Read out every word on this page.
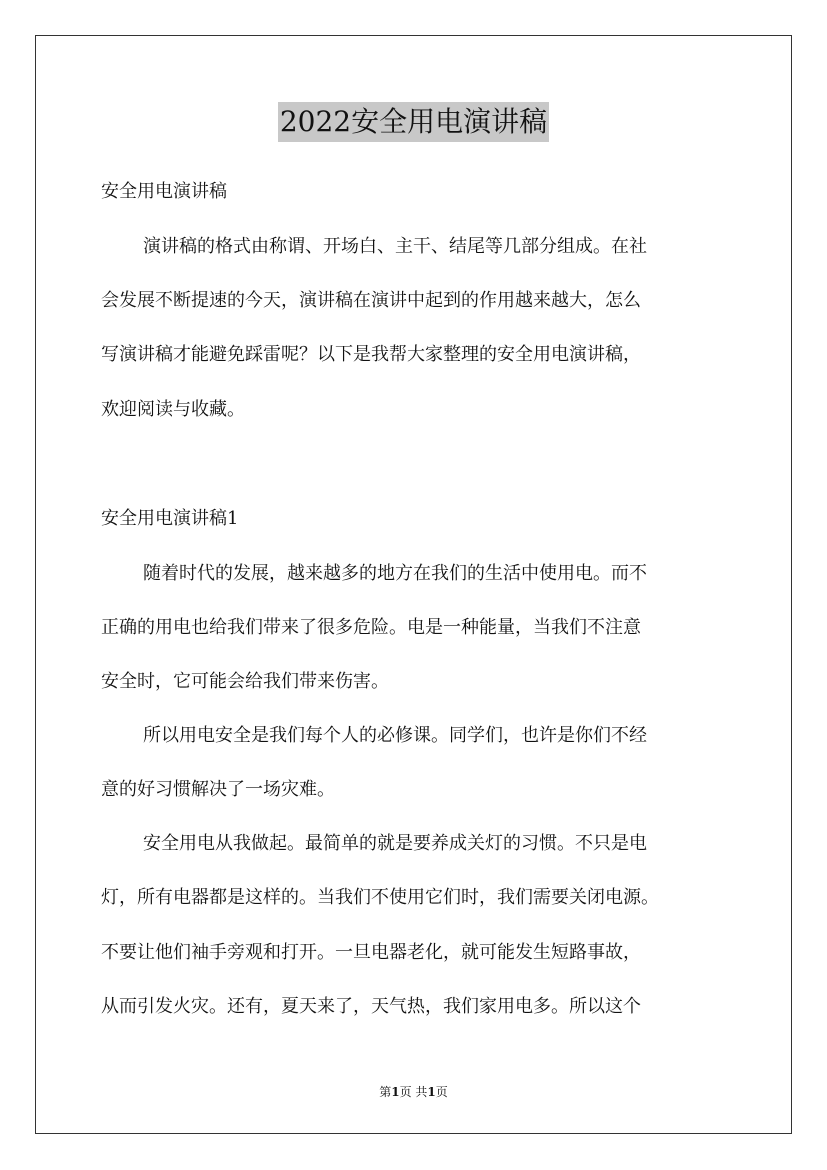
2022安全用电演讲稿
安全用电演讲稿
演讲稿的格式由称谓、开场白、主干、结尾等几部分组成。在社
会发展不断提速的今天，演讲稿在演讲中起到的作用越来越大，怎么
写演讲稿才能避免踩雷呢？以下是我帮大家整理的安全用电演讲稿，
欢迎阅读与收藏。
安全用电演讲稿1
随着时代的发展，越来越多的地方在我们的生活中使用电。而不
正确的用电也给我们带来了很多危险。电是一种能量，当我们不注意
安全时，它可能会给我们带来伤害。
所以用电安全是我们每个人的必修课。同学们，也许是你们不经
意的好习惯解决了一场灾难。
安全用电从我做起。最简单的就是要养成关灯的习惯。不只是电
灯，所有电器都是这样的。当我们不使用它们时，我们需要关闭电源。
不要让他们袖手旁观和打开。一旦电器老化，就可能发生短路事故，
从而引发火灾。还有，夏天来了，天气热，我们家用电多。所以这个
第1页 共1页
